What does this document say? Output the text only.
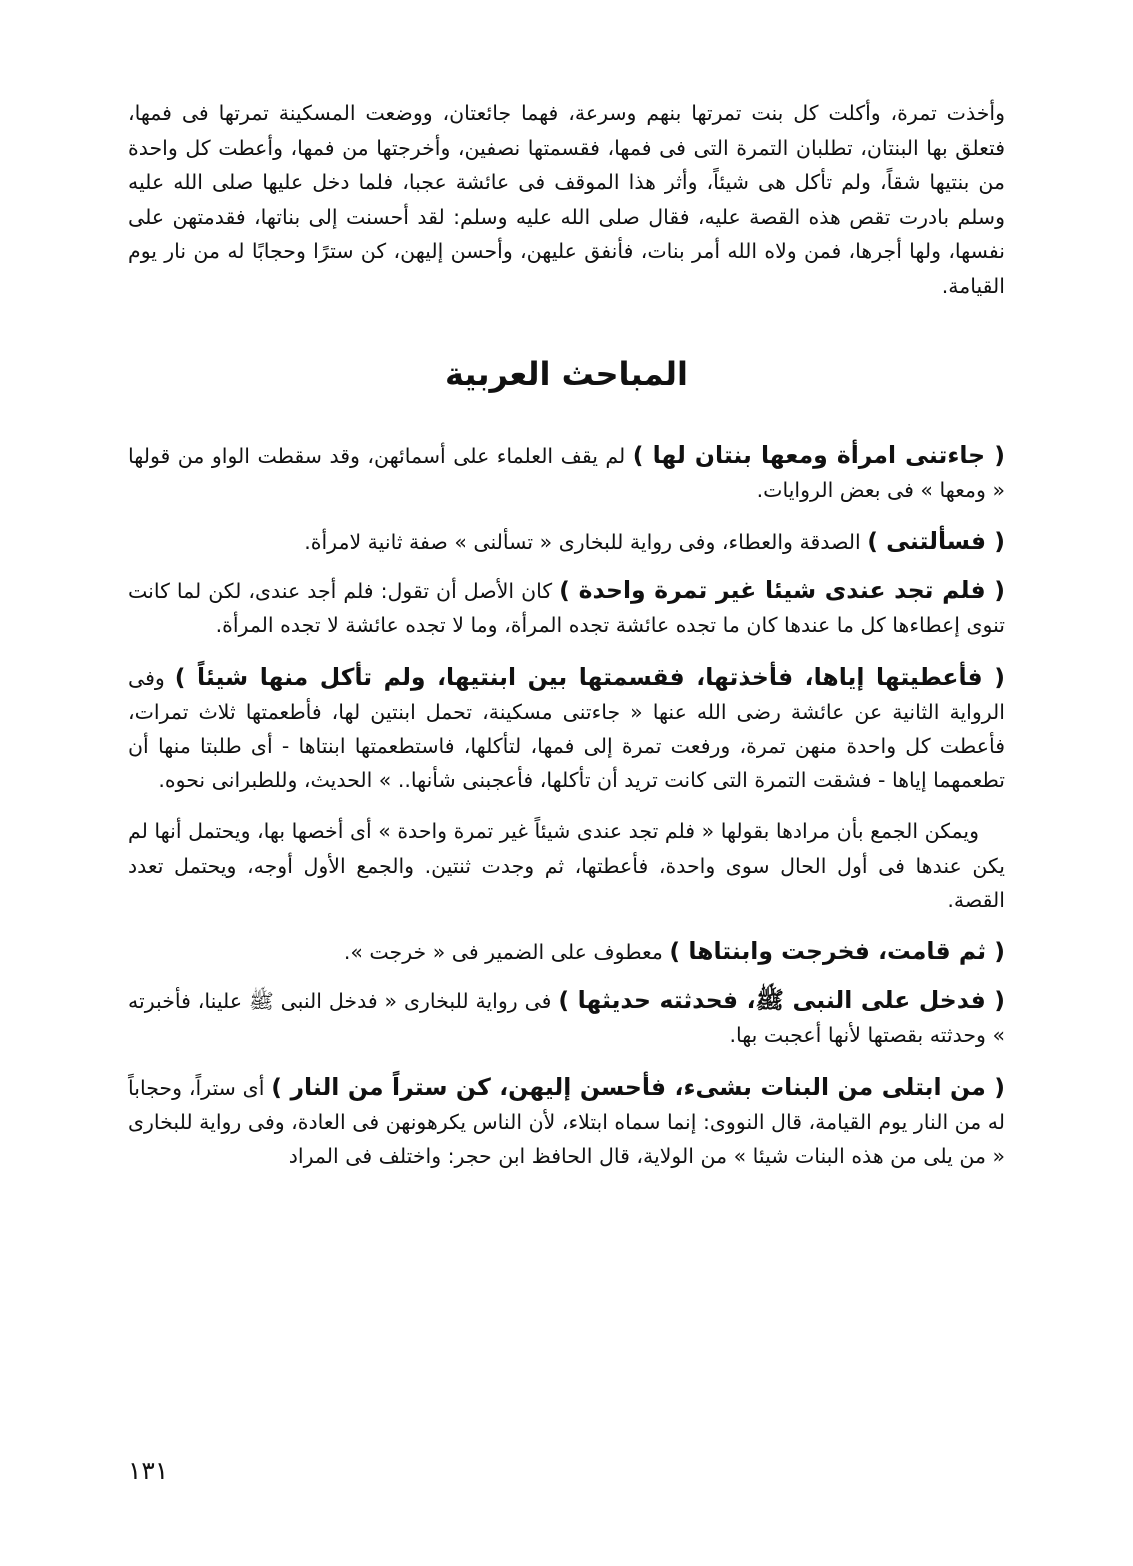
وأخذت تمرة، وأكلت كل بنت تمرتها بنهم وسرعة، فهما جائعتان، ووضعت المسكينة تمرتها فى فمها، فتعلق بها البنتان، تطلبان التمرة التى فى فمها، فقسمتها نصفين، وأخرجتها من فمها، وأعطت كل واحدة من بنتيها شقاً، ولم تأكل هى شيئاً، وأثر هذا الموقف فى عائشة عجبا، فلما دخل عليها صلى الله عليه وسلم بادرت تقص هذه القصة عليه، فقال صلى الله عليه وسلم: لقد أحسنت إلى بناتها، فقدمتهن على نفسها، ولها أجرها، فمن ولاه الله أمر بنات، فأنفق عليهن، وأحسن إليهن، كن سترًا وحجابًا له من نار يوم القيامة.

المباحث العربية

( جاءتنى امرأة ومعها بنتان لها ) لم يقف العلماء على أسمائهن، وقد سقطت الواو من قولها « ومعها » فى بعض الروايات.

( فسألتنى ) الصدقة والعطاء، وفى رواية للبخارى « تسألنى » صفة ثانية لامرأة.

( فلم تجد عندى شيئا غير تمرة واحدة ) كان الأصل أن تقول: فلم أجد عندى، لكن لما كانت تنوى إعطاءها كل ما عندها كان ما تجده عائشة تجده المرأة، وما لا تجده عائشة لا تجده المرأة.

( فأعطيتها إياها، فأخذتها، فقسمتها بين ابنتيها، ولم تأكل منها شيئاً ) وفى الرواية الثانية عن عائشة رضى الله عنها « جاءتنى مسكينة، تحمل ابنتين لها، فأطعمتها ثلاث تمرات، فأعطت كل واحدة منهن تمرة، ورفعت تمرة إلى فمها، لتأكلها، فاستطعمتها ابنتاها - أى طلبتا منها أن تطعمهما إياها - فشقت التمرة التى كانت تريد أن تأكلها، فأعجبنى شأنها.. » الحديث، وللطبرانى نحوه.

ويمكن الجمع بأن مرادها بقولها « فلم تجد عندى شيئاً غير تمرة واحدة » أى أخصها بها، ويحتمل أنها لم يكن عندها فى أول الحال سوى واحدة، فأعطتها، ثم وجدت ثنتين. والجمع الأول أوجه، ويحتمل تعدد القصة.

( ثم قامت، فخرجت وابنتاها ) معطوف على الضمير فى « خرجت ».

( فدخل على النبى ﷺ، فحدثته حديثها ) فى رواية للبخارى « فدخل النبى ﷺ علينا، فأخبرته » وحدثته بقصتها لأنها أعجبت بها.

( من ابتلى من البنات بشىء، فأحسن إليهن، كن ستراً من النار ) أى ستراً، وحجاباً له من النار يوم القيامة، قال النووى: إنما سماه ابتلاء، لأن الناس يكرهونهن فى العادة، وفى رواية للبخارى « من يلى من هذه البنات شيئا » من الولاية، قال الحافظ ابن حجر: واختلف فى المراد

١٣١
